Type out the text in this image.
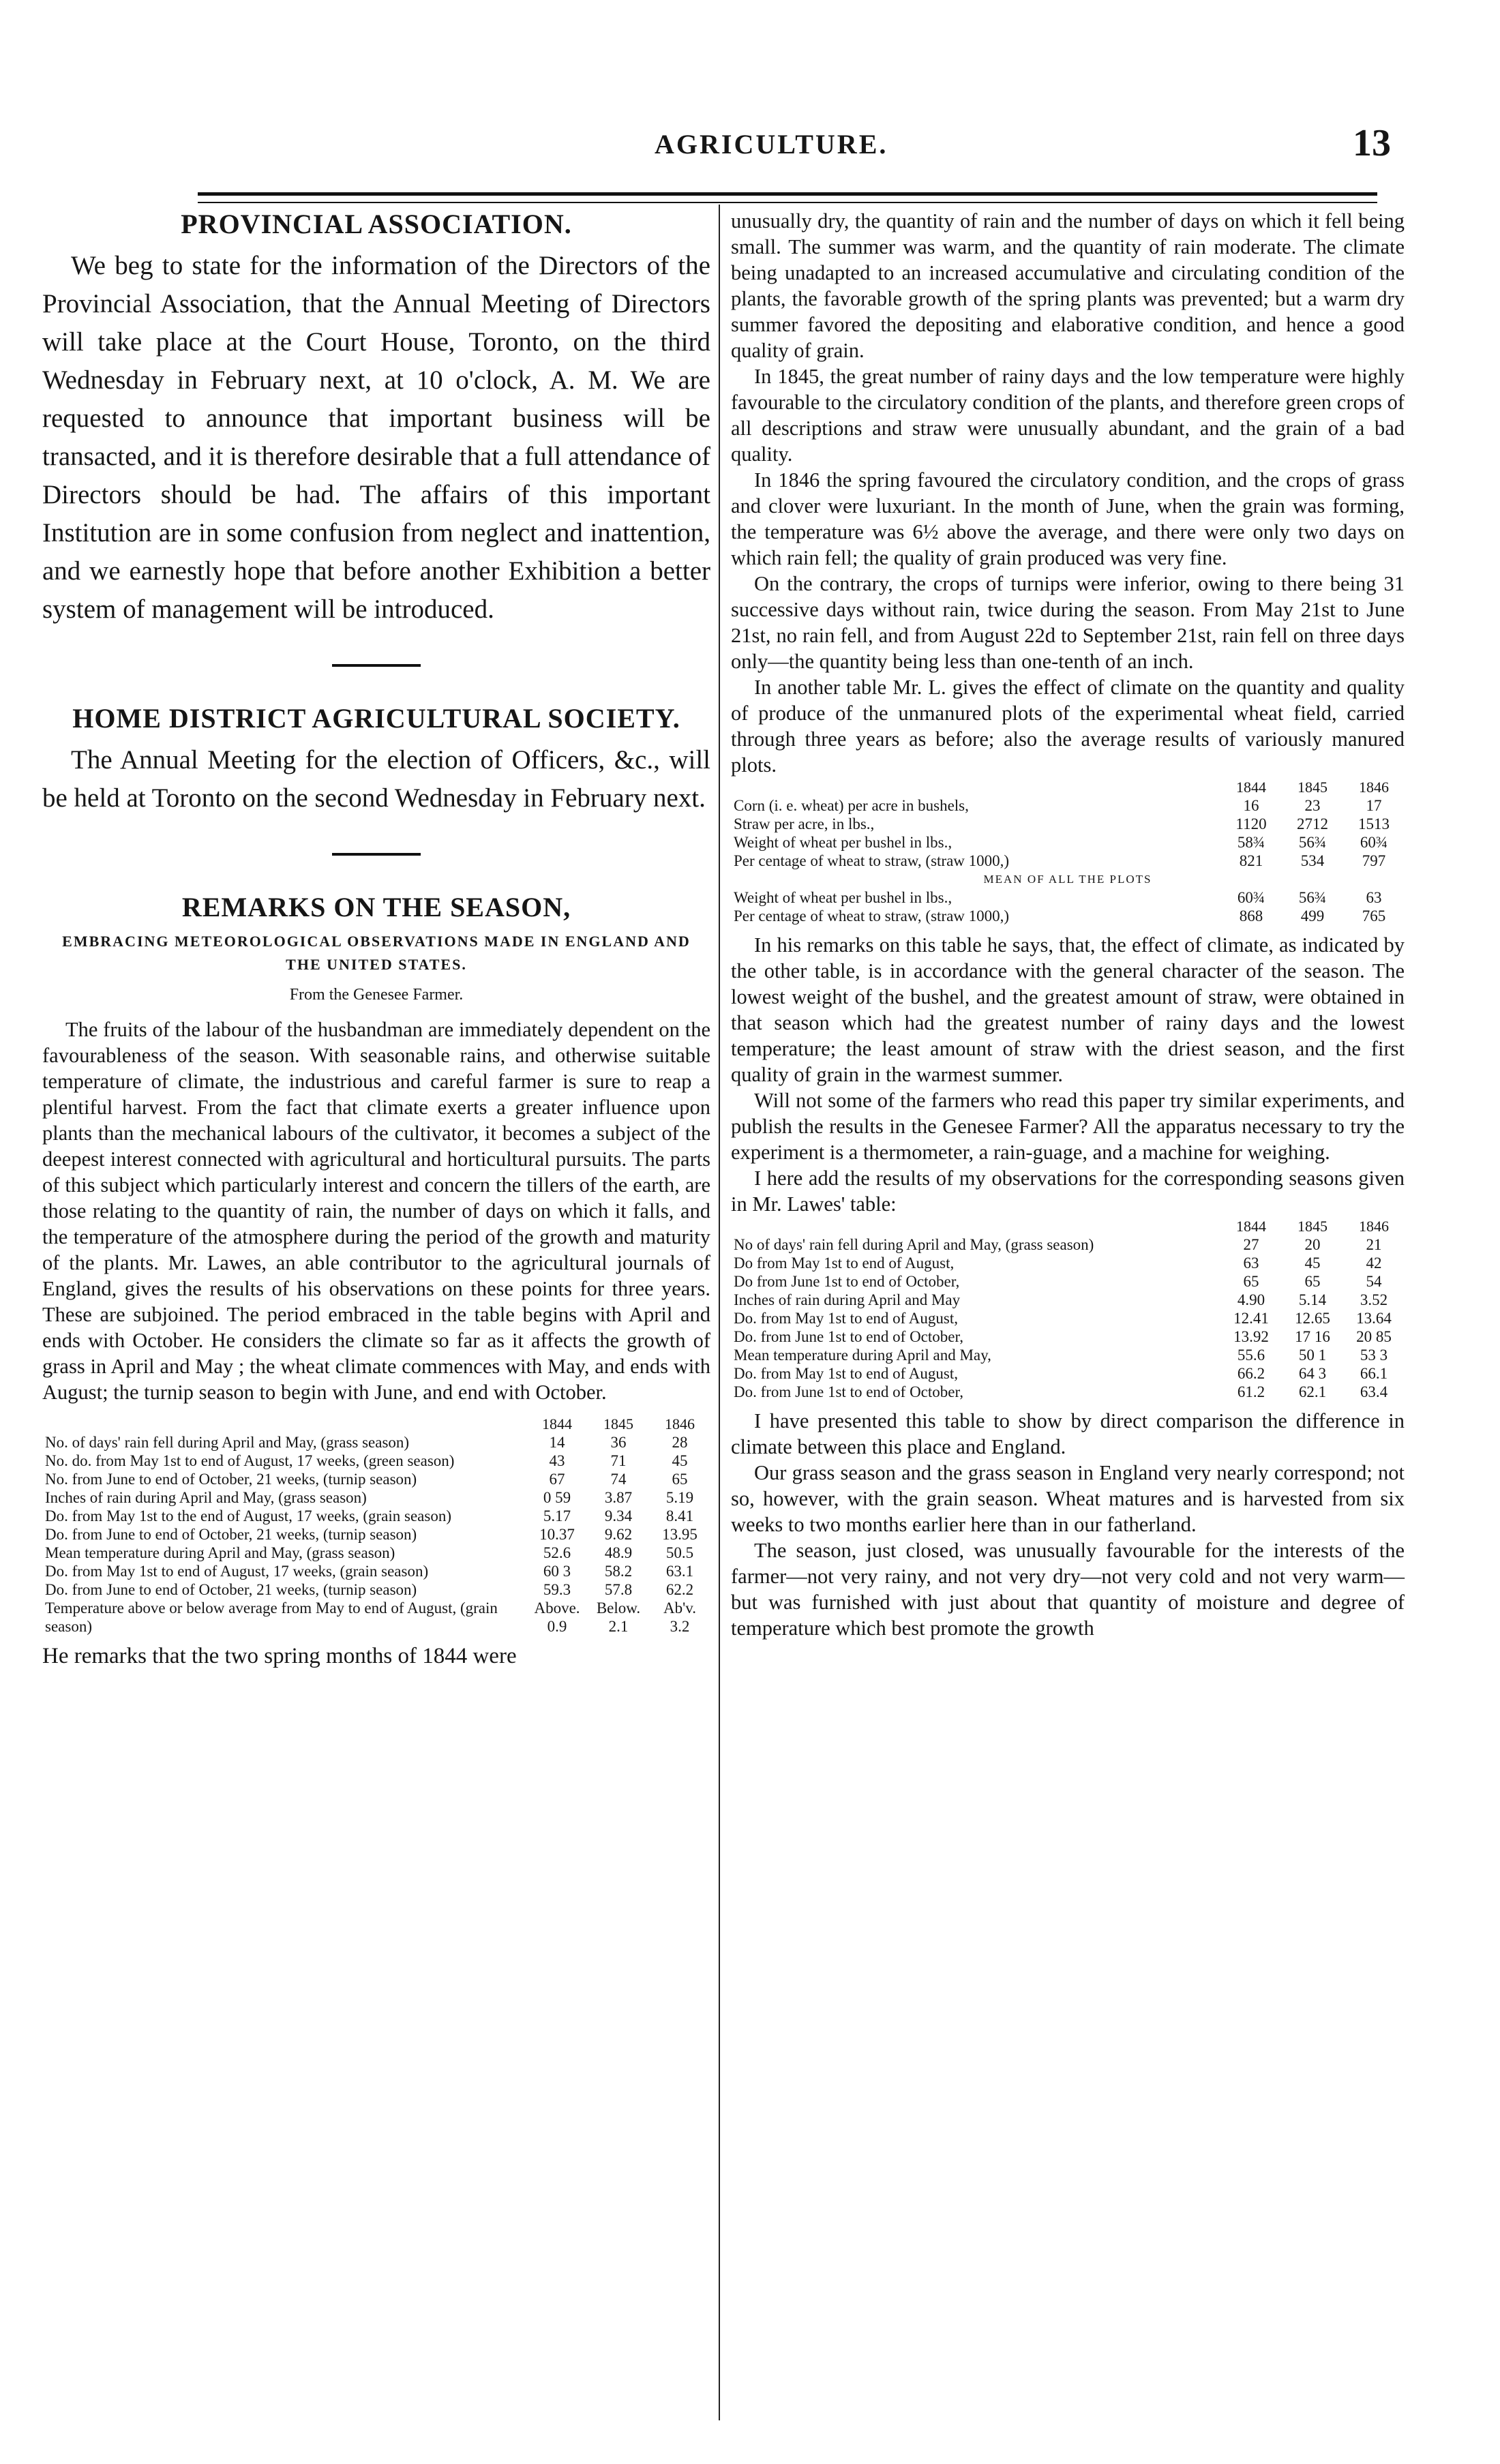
AGRICULTURE.	13
PROVINCIAL ASSOCIATION.

We beg to state for the information of the Directors of the Provincial Association, that the Annual Meeting of Directors will take place at the Court House, Toronto, on the third Wednesday in February next, at 10 o'clock, A. M. We are requested to announce that important business will be transacted, and it is therefore desirable that a full attendance of Directors should be had. The affairs of this important Institution are in some confusion from neglect and inattention, and we earnestly hope that before another Exhibition a better system of management will be introduced.

HOME DISTRICT AGRICULTURAL SOCIETY.

The Annual Meeting for the election of Officers, &c., will be held at Toronto on the second Wednesday in February next.

REMARKS ON THE SEASON,

EMBRACING METEOROLOGICAL OBSERVATIONS MADE IN ENGLAND AND THE UNITED STATES.

From the Genesee Farmer.

The fruits of the labour of the husbandman are immediately dependent on the favourableness of the season. With seasonable rains, and otherwise suitable temperature of climate, the industrious and careful farmer is sure to reap a plentiful harvest. From the fact that climate exerts a greater influence upon plants than the mechanical labours of the cultivator, it becomes a subject of the deepest interest connected with agricultural and horticultural pursuits. The parts of this subject which particularly interest and concern the tillers of the earth, are those relating to the quantity of rain, the number of days on which it falls, and the temperature of the atmosphere during the period of the growth and maturity of the plants. Mr. Lawes, an able contributor to the agricultural journals of England, gives the results of his observations on these points for three years. These are subjoined. The period embraced in the table begins with April and ends with October. He considers the climate so far as it affects the growth of grass in April and May ; the wheat climate commences with May, and ends with August; the turnip season to begin with June, and end with October.

	1844	1845	1846
No. of days' rain fell during April and May, (grass season)	14	36	28
No. do. from May 1st to end of August, 17 weeks, (green season)	43	71	45
No. from June to end of October, 21 weeks, (turnip season)	67	74	65
Inches of rain during April and May, (grass season)	0 59	3.87	5.19
Do. from May 1st to the end of August, 17 weeks, (grain season)	5.17	9.34	8.41
Do. from June to end of October, 21 weeks, (turnip season)	10.37	9.62	13.95
Mean temperature during April and May, (grass season)	52.6	48.9	50.5
Do. from May 1st to end of August, 17 weeks, (grain season)	60 3	58.2	63.1
Do. from June to end of October, 21 weeks, (turnip season)	59.3	57.8	62.2
Temperature above or below average from May to end of August, (grain season)	Above.	Below.	Ab'v.
	0.9	2.1	3.2

He remarks that the two spring months of 1844 were

unusually dry, the quantity of rain and the number of days on which it fell being small. The summer was warm, and the quantity of rain moderate. The climate being unadapted to an increased accumulative and circulating condition of the plants, the favorable growth of the spring plants was prevented; but a warm dry summer favored the depositing and elaborative condition, and hence a good quality of grain.

In 1845, the great number of rainy days and the low temperature were highly favourable to the circulatory condition of the plants, and therefore green crops of all descriptions and straw were unusually abundant, and the grain of a bad quality.

In 1846 the spring favoured the circulatory condition, and the crops of grass and clover were luxuriant. In the month of June, when the grain was forming, the temperature was 6½ above the average, and there were only two days on which rain fell; the quality of grain produced was very fine.

On the contrary, the crops of turnips were inferior, owing to there being 31 successive days without rain, twice during the season. From May 21st to June 21st, no rain fell, and from August 22d to September 21st, rain fell on three days only—the quantity being less than one-tenth of an inch.

In another table Mr. L. gives the effect of climate on the quantity and quality of produce of the unmanured plots of the experimental wheat field, carried through three years as before; also the average results of variously manured plots.

	1844	1845	1846
Corn (i. e. wheat) per acre in bushels,	16	23	17
Straw per acre, in lbs.,	1120	2712	1513
Weight of wheat per bushel in lbs.,	58¾	56¾	60¾
Per centage of wheat to straw, (straw 1000,)	821	534	797
MEAN OF ALL THE PLOTS			
Weight of wheat per bushel in lbs.,	60¾	56¾	63
Per centage of wheat to straw, (straw 1000,)	868	499	765

In his remarks on this table he says, that, the effect of climate, as indicated by the other table, is in accordance with the general character of the season. The lowest weight of the bushel, and the greatest amount of straw, were obtained in that season which had the greatest number of rainy days and the lowest temperature; the least amount of straw with the driest season, and the first quality of grain in the warmest summer.

Will not some of the farmers who read this paper try similar experiments, and publish the results in the Genesee Farmer? All the apparatus necessary to try the experiment is a thermometer, a rain-guage, and a machine for weighing.

I here add the results of my observations for the corresponding seasons given in Mr. Lawes' table:

	1844	1845	1846
No of days' rain fell during April and May, (grass season)	27	20	21
Do from May 1st to end of August,	63	45	42
Do from June 1st to end of October,	65	65	54
Inches of rain during April and May	4.90	5.14	3.52
Do. from May 1st to end of August,	12.41	12.65	13.64
Do. from June 1st to end of October,	13.92	17 16	20 85
Mean temperature during April and May,	55.6	50 1	53 3
Do. from May 1st to end of August,	66.2	64 3	66.1
Do. from June 1st to end of October,	61.2	62.1	63.4

I have presented this table to show by direct comparison the difference in climate between this place and England.

Our grass season and the grass season in England very nearly correspond; not so, however, with the grain season. Wheat matures and is harvested from six weeks to two months earlier here than in our fatherland.

The season, just closed, was unusually favourable for the interests of the farmer—not very rainy, and not very dry—not very cold and not very warm—but was furnished with just about that quantity of moisture and degree of temperature which best promote the growth
